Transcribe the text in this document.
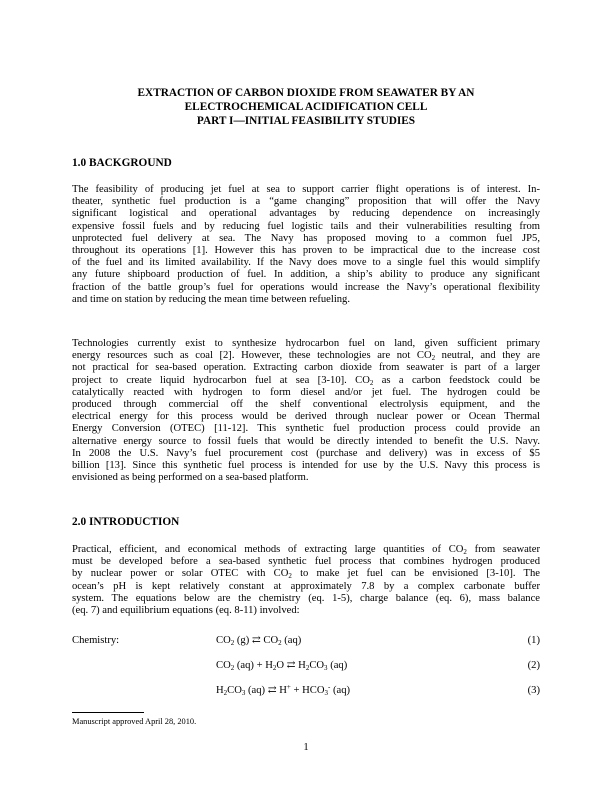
EXTRACTION OF CARBON DIOXIDE FROM SEAWATER BY AN
ELECTROCHEMICAL ACIDIFICATION CELL
PART I—INITIAL FEASIBILITY STUDIES
1.0 BACKGROUND
The feasibility of producing jet fuel at sea to support carrier flight operations is of interest. In-
theater, synthetic fuel production is a “game changing” proposition that will offer the Navy
significant logistical and operational advantages by reducing dependence on increasingly
expensive fossil fuels and by reducing fuel logistic tails and their vulnerabilities resulting from
unprotected fuel delivery at sea. The Navy has proposed moving to a common fuel JP5,
throughout its operations [1]. However this has proven to be impractical due to the increase cost
of the fuel and its limited availability. If the Navy does move to a single fuel this would simplify
any future shipboard production of fuel. In addition, a ship’s ability to produce any significant
fraction of the battle group’s fuel for operations would increase the Navy’s operational flexibility
and time on station by reducing the mean time between refueling.
Technologies currently exist to synthesize hydrocarbon fuel on land, given sufficient primary
energy resources such as coal [2]. However, these technologies are not $CO_2$ neutral, and they are
not practical for sea-based operation. Extracting carbon dioxide from seawater is part of a larger
project to create liquid hydrocarbon fuel at sea [3-10]. $CO_2$ as a carbon feedstock could be
catalytically reacted with hydrogen to form diesel and/or jet fuel. The hydrogen could be
produced through commercial off the shelf conventional electrolysis equipment, and the
electrical energy for this process would be derived through nuclear power or Ocean Thermal
Energy Conversion (OTEC) [11-12]. This synthetic fuel production process could provide an
alternative energy source to fossil fuels that would be directly intended to benefit the U.S. Navy.
In 2008 the U.S. Navy’s fuel procurement cost (purchase and delivery) was in excess of $5
billion [13]. Since this synthetic fuel process is intended for use by the U.S. Navy this process is
envisioned as being performed on a sea-based platform.
2.0 INTRODUCTION
Practical, efficient, and economical methods of extracting large quantities of $CO_2$ from seawater
must be developed before a sea-based synthetic fuel process that combines hydrogen produced
by nuclear power or solar OTEC with $CO_2$ to make jet fuel can be envisioned [3-10]. The
ocean’s pH is kept relatively constant at approximately 7.8 by a complex carbonate buffer
system. The equations below are the chemistry (eq. 1-5), charge balance (eq. 6), mass balance
(eq. 7) and equilibrium equations (eq. 8-11) involved:
Chemistry:	$CO_2$ (g) ⇄ $CO_2$ (aq)	(1)
$CO_2$ $(aq) + H_2O$ ⇄ $H_2CO_3$ (aq)	(2)
$H_2CO_3$ (aq) ⇄ $H^+ + HCO_3^-$ (aq)	(3)
Manuscript approved April 28, 2010.
1
